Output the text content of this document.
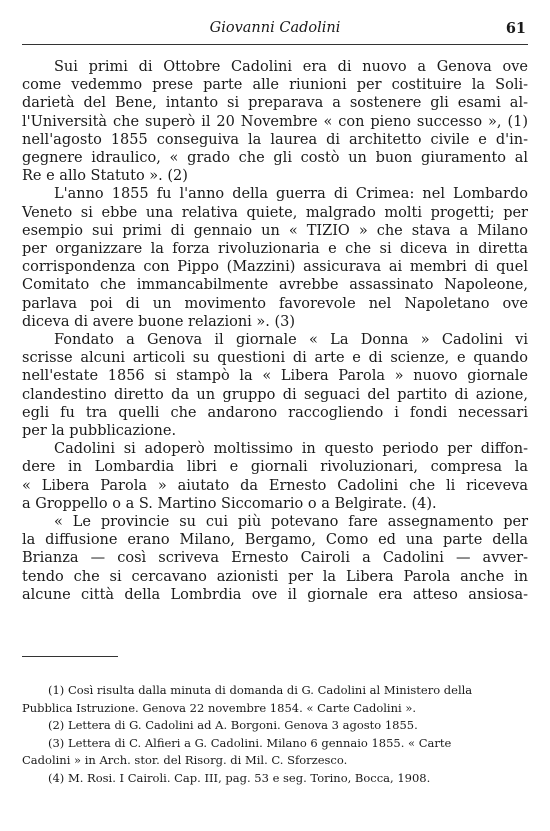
Giovanni Cadolini	61

Sui primi di Ottobre Cadolini era di nuovo a Genova ove
come vedemmo prese parte alle riunioni per costituire la Soli-
darietà del Bene, intanto si preparava a sostenere gli esami al-
l'Università che superò il 20 Novembre « con pieno successo », (1)
nell'agosto 1855 conseguiva la laurea di architetto civile e d'in-
gegnere idraulico, « grado che gli costò un buon giuramento al
Re e allo Statuto ». (2)

L'anno 1855 fu l'anno della guerra di Crimea: nel Lombardo
Veneto si ebbe una relativa quiete, malgrado molti progetti; per
esempio sui primi di gennaio un « TIZIO » che stava a Milano
per organizzare la forza rivoluzionaria e che si diceva in diretta
corrispondenza con Pippo (Mazzini) assicurava ai membri di quel
Comitato che immancabilmente avrebbe assassinato Napoleone,
parlava poi di un movimento favorevole nel Napoletano ove
diceva di avere buone relazioni ». (3)

Fondato a Genova il giornale « La Donna » Cadolini vi
scrisse alcuni articoli su questioni di arte e di scienze, e quando
nell'estate 1856 si stampò la « Libera Parola » nuovo giornale
clandestino diretto da un gruppo di seguaci del partito di azione,
egli fu tra quelli che andarono raccogliendo i fondi necessari
per la pubblicazione.

Cadolini si adoperò moltissimo in questo periodo per diffon-
dere in Lombardia libri e giornali rivoluzionari, compresa la
« Libera Parola » aiutato da Ernesto Cadolini che li riceveva
a Groppello o a S. Martino Siccomario o a Belgirate. (4).

« Le provincie su cui più potevano fare assegnamento per
la diffusione erano Milano, Bergamo, Como ed una parte della
Brianza — così scriveva Ernesto Cairoli a Cadolini — avver-
tendo che si cercavano azionisti per la Libera Parola anche in
alcune città della Lombrdia ove il giornale era atteso ansiosa-

(1) Così risulta dalla minuta di domanda di G. Cadolini al Ministero della
Pubblica Istruzione. Genova 22 novembre 1854. « Carte Cadolini ».
(2) Lettera di G. Cadolini ad A. Borgoni. Genova 3 agosto 1855.
(3) Lettera di C. Alfieri a G. Cadolini. Milano 6 gennaio 1855. « Carte
Cadolini » in Arch. stor. del Risorg. di Mil. C. Sforzesco.
(4) M. Rosi. I Cairoli. Cap. III, pag. 53 e seg. Torino, Bocca, 1908.
